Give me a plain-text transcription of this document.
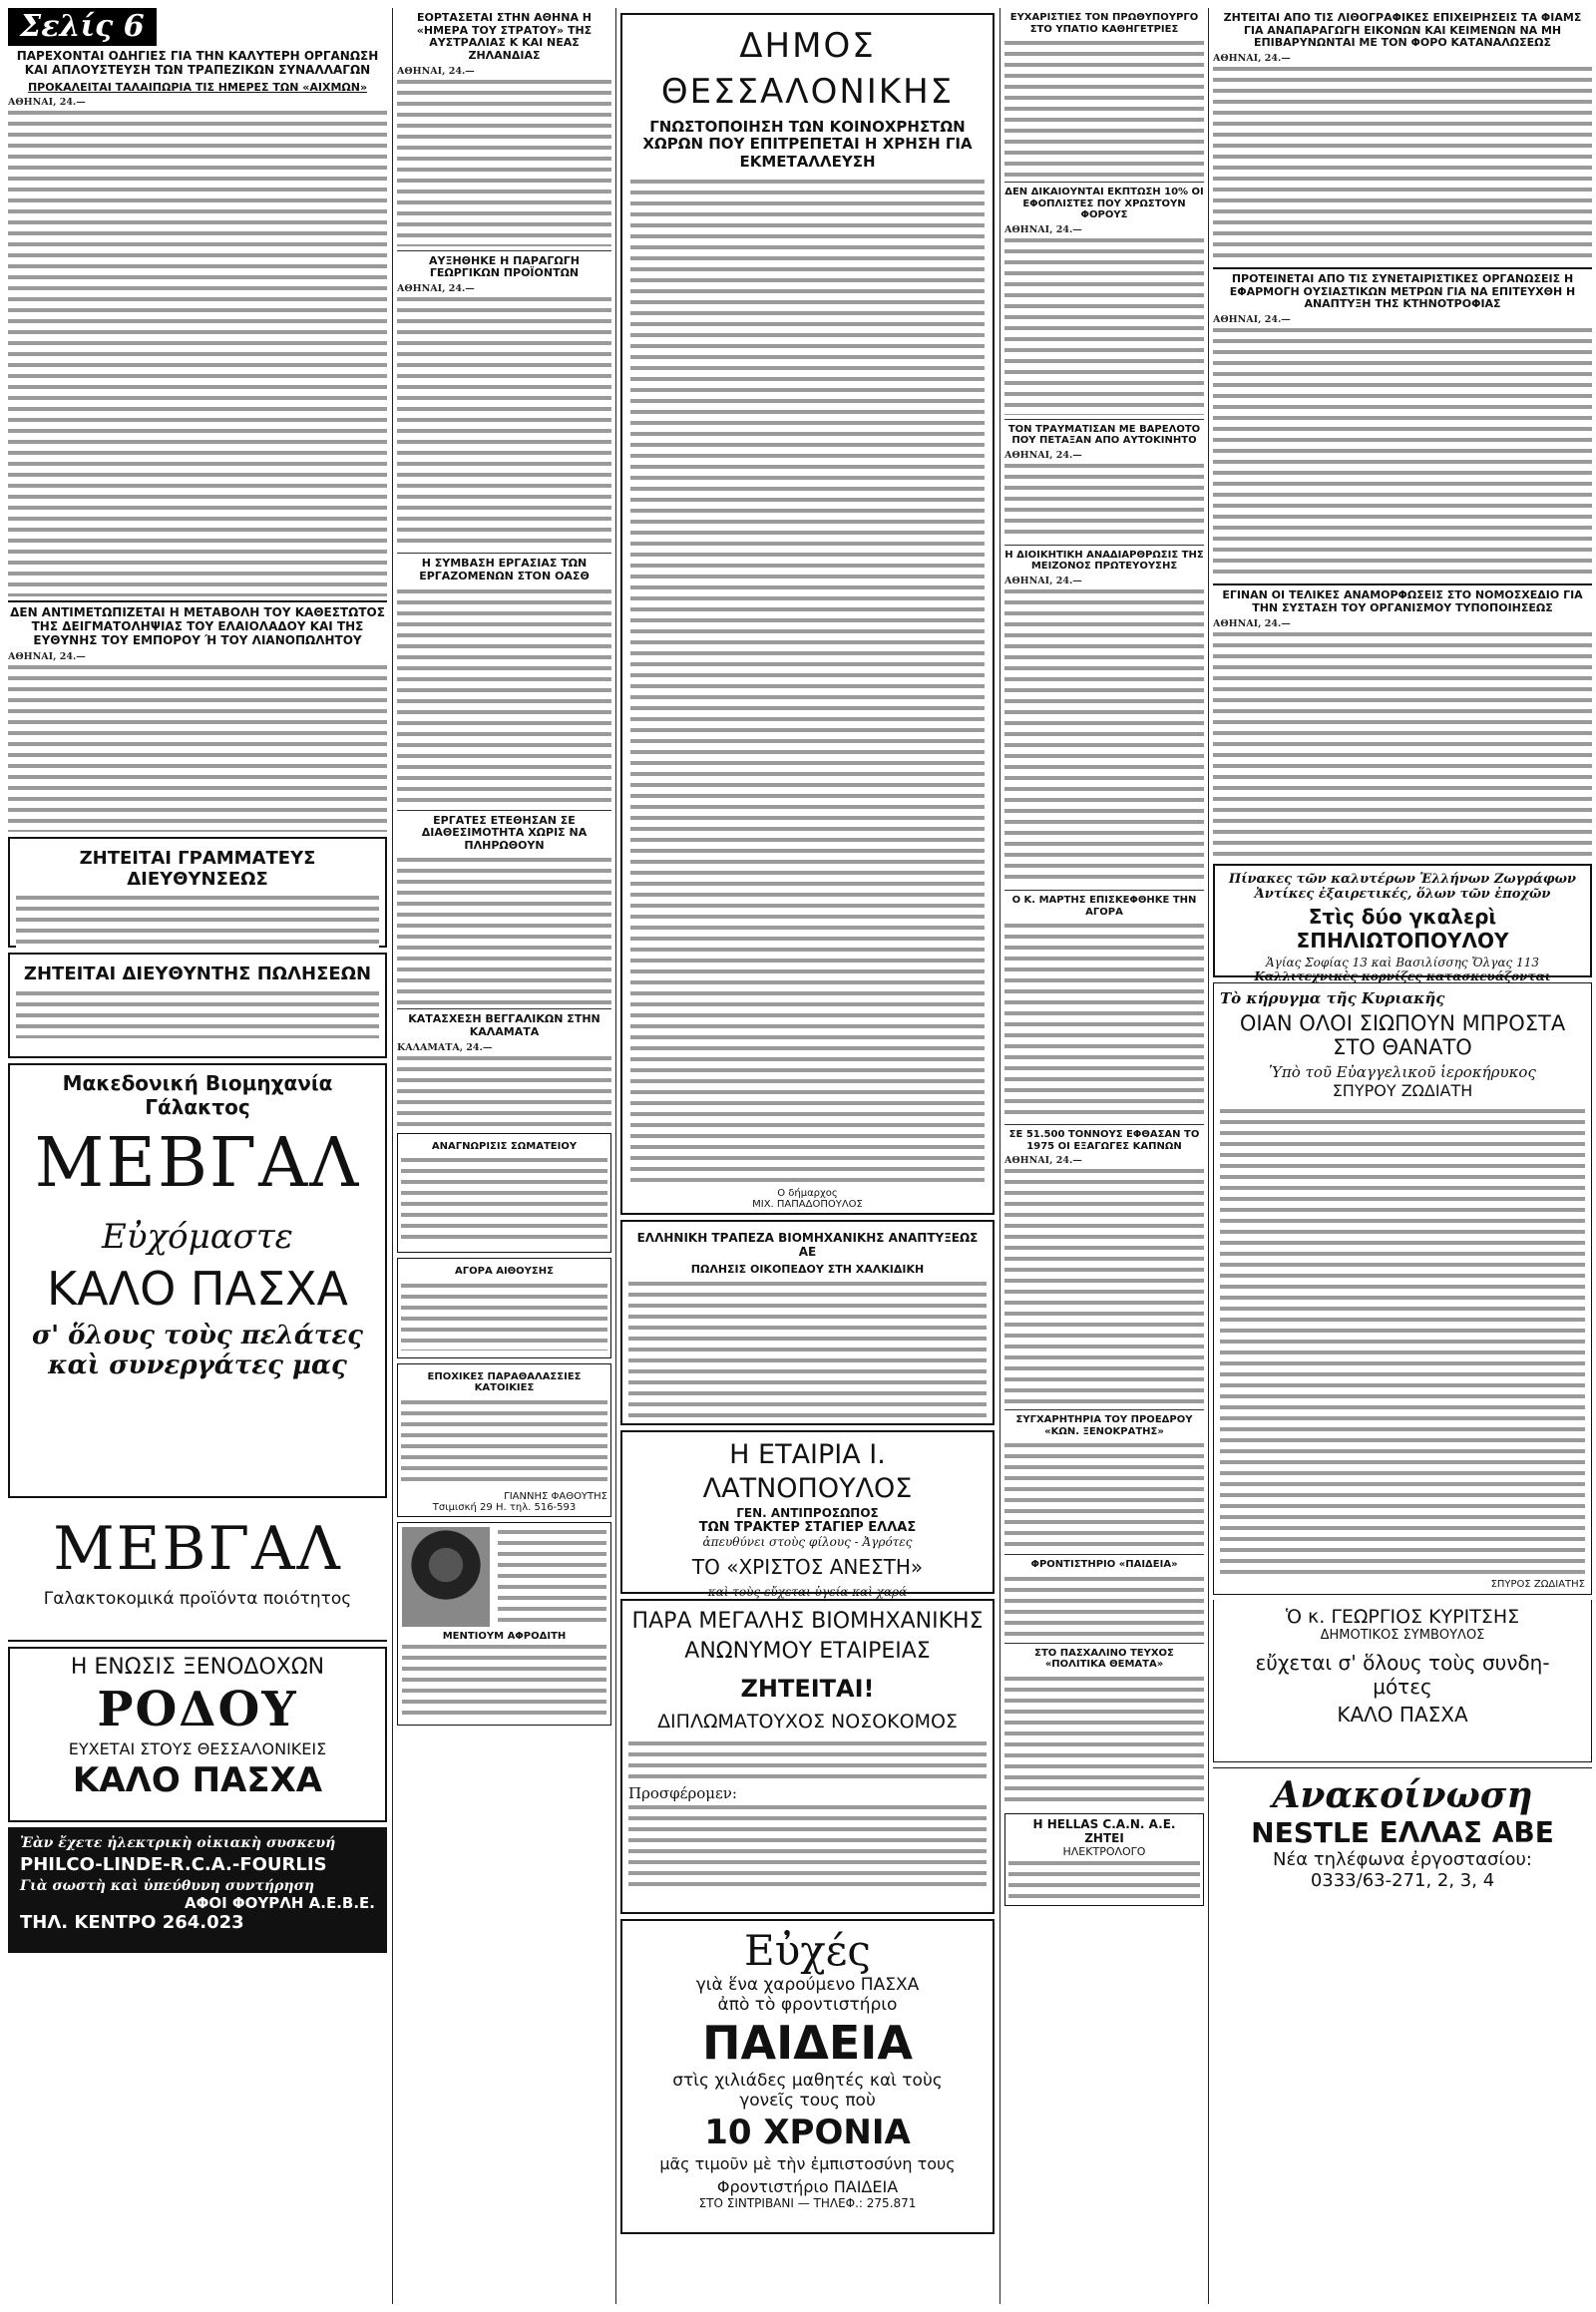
Σελίς 6
ΠΑΡΕΧΟΝΤΑΙ ΟΔΗΓΙΕΣ ΓΙΑ ΤΗΝ ΚΑΛΥΤΕΡΗ ΟΡΓΑΝΩΣΗ ΚΑΙ ΑΠΛΟΥΣΤΕΥΣΗ ΤΩΝ ΤΡΑΠΕΖΙΚΩΝ ΣΥΝΑΛΛΑΓΩΝ
ΠΡΟΚΑΛΕΙΤΑΙ ΤΑΛΑΙΠΩΡΙΑ ΤΙΣ ΗΜΕΡΕΣ ΤΩΝ «ΑΙΧΜΩΝ»
ΑΘΗΝΑΙ, 24.—
ΔΕΝ ΑΝΤΙΜΕΤΩΠΙΖΕΤΑΙ Η ΜΕΤΑΒΟΛΗ ΤΟΥ ΚΑΘΕΣΤΩΤΟΣ ΤΗΣ ΔΕΙΓΜΑΤΟΛΗΨΙΑΣ ΤΟΥ ΕΛΑΙΟΛΑΔΟΥ ΚΑΙ ΤΗΣ ΕΥΘΥΝΗΣ ΤΟΥ ΕΜΠΟΡΟΥ Ή ΤΟΥ ΛΙΑΝΟΠΩΛΗΤΟΥ
ΑΘΗΝΑΙ, 24.—
ΖΗΤΕΙΤΑΙ ΓΡΑΜΜΑΤΕΥΣ ΔΙΕΥΘΥΝΣΕΩΣ
ΖΗΤΕΙΤΑΙ ΔΙΕΥΘΥΝΤΗΣ ΠΩΛΗΣΕΩΝ
Μακεδονική Βιομηχανία Γάλακτος
ΜΕΒΓΑΛ
Εὐχόμαστε
ΚΑΛΟ ΠΑΣΧΑ
σ' ὅλους τοὺς πελάτες
καὶ συνεργάτες μας
ΜΕΒΓΑΛ
Γαλακτοκομικά προϊόντα ποιότητος
Η ΕΝΩΣΙΣ ΞΕΝΟΔΟΧΩΝ
ΡΟΔΟΥ
ΕΥΧΕΤΑΙ ΣΤΟΥΣ ΘΕΣΣΑΛΟΝΙΚΕΙΣ
ΚΑΛΟ ΠΑΣΧΑ
Ἐὰν ἔχετε ἠλεκτρικὴ οἰκιακὴ συσκευή
PHILCO-LINDE-R.C.A.-FOURLIS
Γιὰ σωστὴ καὶ ὑπεύθυνη συντήρηση
ΑΦΟΙ ΦΟΥΡΛΗ Α.Ε.Β.Ε.
ΤΗΛ. ΚΕΝΤΡΟ 264.023
ΕΟΡΤΑΣΕΤΑΙ ΣΤΗΝ ΑΘΗΝΑ Η «ΗΜΕΡΑ ΤΟΥ ΣΤΡΑΤΟΥ» ΤΗΣ ΑΥΣΤΡΑΛΙΑΣ Κ ΚΑΙ ΝΕΑΣ ΖΗΛΑΝΔΙΑΣ
ΑΘΗΝΑΙ, 24.—
ΑΥΞΗΘΗΚΕ Η ΠΑΡΑΓΩΓΗ ΓΕΩΡΓΙΚΩΝ ΠΡΟΪΟΝΤΩΝ
ΑΘΗΝΑΙ, 24.—
Η ΣΥΜΒΑΣΗ ΕΡΓΑΣΙΑΣ ΤΩΝ ΕΡΓΑΖΟΜΕΝΩΝ ΣΤΟΝ ΟΑΣΘ
ΕΡΓΑΤΕΣ ΕΤΕΘΗΣΑΝ ΣΕ ΔΙΑΘΕΣΙΜΟΤΗΤΑ ΧΩΡΙΣ ΝΑ ΠΛΗΡΩΘΟΥΝ
ΚΑΤΑΣΧΕΣΗ ΒΕΓΓΑΛΙΚΩΝ ΣΤΗΝ ΚΑΛΑΜΑΤΑ
ΚΑΛΑΜΑΤΑ, 24.—
ΑΝΑΓΝΩΡΙΣΙΣ ΣΩΜΑΤΕΙΟΥ
ΑΓΟΡΑ ΑΙΘΟΥΣΗΣ
ΕΠΟΧΙΚΕΣ ΠΑΡΑΘΑΛΑΣΣΙΕΣ ΚΑΤΟΙΚΙΕΣ
ΓΙΑΝΝΗΣ ΦΑΘΟΥΤΗΣ
Τσιμισκή 29 Η. τηλ. 516-593
ΜΕΝΤΙΟΥΜ ΑΦΡΟΔΙΤΗ
ΔΗΜΟΣ ΘΕΣΣΑΛΟΝΙΚΗΣ
ΓΝΩΣΤΟΠΟΙΗΣΗ ΤΩΝ ΚΟΙΝΟΧΡΗΣΤΩΝ ΧΩΡΩΝ ΠΟΥ ΕΠΙΤΡΕΠΕΤΑΙ Η ΧΡΗΣΗ ΓΙΑ ΕΚΜΕΤΑΛΛΕΥΣΗ
Ο δήμαρχος
ΜΙΧ. ΠΑΠΑΔΟΠΟΥΛΟΣ
ΕΛΛΗΝΙΚΗ ΤΡΑΠΕΖΑ ΒΙΟΜΗΧΑΝΙΚΗΣ ΑΝΑΠΤΥΞΕΩΣ ΑΕ
ΠΩΛΗΣΙΣ ΟΙΚΟΠΕΔΟΥ ΣΤΗ ΧΑΛΚΙΔΙΚΗ
Η ΕΤΑΙΡΙΑ Ι. ΛΑΤΝΟΠΟΥΛΟΣ
ΓΕΝ. ΑΝΤΙΠΡΟΣΩΠΟΣ
ΤΩΝ ΤΡΑΚΤΕΡ ΣΤΑΓΙΕΡ ΕΛΛΑΣ
ἀπευθύνει στοὺς φίλους - Ἀγρότες
ΤΟ «ΧΡΙΣΤΟΣ ΑΝΕΣΤΗ»
καὶ τοὺς εὔχεται ὑγεία καὶ χαρά
ΠΑΡΑ ΜΕΓΑΛΗΣ ΒΙΟΜΗΧΑΝΙΚΗΣ ΑΝΩΝΥΜΟΥ ΕΤΑΙΡΕΙΑΣ
ΖΗΤΕΙΤΑΙ!
ΔΙΠΛΩΜΑΤΟΥΧΟΣ ΝΟΣΟΚΟΜΟΣ
Προσφέρομεν:
Εὐχές
γιὰ ἕνα χαρούμενο ΠΑΣΧΑ
ἀπὸ τὸ φροντιστήριο
ΠΑΙΔΕΙΑ
στὶς χιλιάδες μαθητές καὶ τοὺς
γονεῖς τους ποὺ
10 ΧΡΟΝΙΑ
μᾶς τιμοῦν μὲ τὴν ἐμπιστοσύνη τους
Φροντιστήριο ΠΑΙΔΕΙΑ
ΣΤΟ ΣΙΝΤΡΙΒΑΝΙ — ΤΗΛΕΦ.: 275.871
ΕΥΧΑΡΙΣΤΙΕΣ ΤΟΝ ΠΡΩΘΥΠΟΥΡΓΟ ΣΤΟ ΥΠΑΤΙΟ ΚΑΘΗΓΕΤΡΙΕΣ
ΔΕΝ ΔΙΚΑΙΟΥΝΤΑΙ ΕΚΠΤΩΣΗ 10% ΟΙ ΕΦΟΠΛΙΣΤΕΣ ΠΟΥ ΧΡΩΣΤΟΥΝ ΦΟΡΟΥΣ
ΑΘΗΝΑΙ, 24.—
ΤΟΝ ΤΡΑΥΜΑΤΙΣΑΝ ΜΕ ΒΑΡΕΛΟΤΟ ΠΟΥ ΠΕΤΑΞΑΝ ΑΠΟ ΑΥΤΟΚΙΝΗΤΟ
ΑΘΗΝΑΙ, 24.—
Η ΔΙΟΙΚΗΤΙΚΗ ΑΝΑΔΙΑΡΘΡΩΣΙΣ ΤΗΣ ΜΕΙΖΟΝΟΣ ΠΡΩΤΕΥΟΥΣΗΣ
ΑΘΗΝΑΙ, 24.—
Ο Κ. ΜΑΡΤΗΣ ΕΠΙΣΚΕΦΘΗΚΕ ΤΗΝ ΑΓΟΡΑ
ΣΕ 51.500 ΤΟΝΝΟΥΣ ΕΦΘΑΣΑΝ ΤΟ 1975 ΟΙ ΕΞΑΓΩΓΕΣ ΚΑΠΝΩΝ
ΑΘΗΝΑΙ, 24.—
ΣΥΓΧΑΡΗΤΗΡΙΑ ΤΟΥ ΠΡΟΕΔΡΟΥ «ΚΩΝ. ΞΕΝΟΚΡΑΤΗΣ»
ΦΡΟΝΤΙΣΤΗΡΙΟ «ΠΑΙΔΕΙΑ»
ΣΤΟ ΠΑΣΧΑΛΙΝΟ ΤΕΥΧΟΣ «ΠΟΛΙΤΙΚΑ ΘΕΜΑΤΑ»
Η HELLAS C.A.N. A.E.
ΖΗΤΕΙ
ΗΛΕΚΤΡΟΛΟΓΟ
ΖΗΤΕΙΤΑΙ ΑΠΟ ΤΙΣ ΛΙΘΟΓΡΑΦΙΚΕΣ ΕΠΙΧΕΙΡΗΣΕΙΣ ΤΑ ΦΙΑΜΣ ΓΙΑ ΑΝΑΠΑΡΑΓΩΓΗ ΕΙΚΟΝΩΝ ΚΑΙ ΚΕΙΜΕΝΩΝ ΝΑ ΜΗ ΕΠΙΒΑΡΥΝΩΝΤΑΙ ΜΕ ΤΟΝ ΦΟΡΟ ΚΑΤΑΝΑΛΩΣΕΩΣ
ΑΘΗΝΑΙ, 24.—
ΠΡΟΤΕΙΝΕΤΑΙ ΑΠΟ ΤΙΣ ΣΥΝΕΤΑΙΡΙΣΤΙΚΕΣ ΟΡΓΑΝΩΣΕΙΣ Η ΕΦΑΡΜΟΓΗ ΟΥΣΙΑΣΤΙΚΩΝ ΜΕΤΡΩΝ ΓΙΑ ΝΑ ΕΠΙΤΕΥΧΘΗ Η ΑΝΑΠΤΥΞΗ ΤΗΣ ΚΤΗΝΟΤΡΟΦΙΑΣ
ΑΘΗΝΑΙ, 24.—
ΕΓΙΝΑΝ ΟΙ ΤΕΛΙΚΕΣ ΑΝΑΜΟΡΦΩΣΕΙΣ ΣΤΟ ΝΟΜΟΣΧΕΔΙΟ ΓΙΑ ΤΗΝ ΣΥΣΤΑΣΗ ΤΟΥ ΟΡΓΑΝΙΣΜΟΥ ΤΥΠΟΠΟΙΗΣΕΩΣ
ΑΘΗΝΑΙ, 24.—
Πίνακες τῶν καλυτέρων Ἑλλήνων Ζωγράφων
Ἀντίκες ἐξαιρετικές, ὅλων τῶν ἐποχῶν
Στὶς δύο γκαλερὶ ΣΠΗΛΙΩΤΟΠΟΥΛΟΥ
Ἁγίας Σοφίας 13 καὶ Βασιλίσσης Ὄλγας 113
Καλλιτεχνικὲς κορνίζες κατασκευάζονται
Τὸ κήρυγμα τῆς Κυριακῆς
ΟΙΑΝ ΟΛΟΙ ΣΙΩΠΟΥΝ ΜΠΡΟΣΤΑ ΣΤΟ ΘΑΝΑΤΟ
Ὑπὸ τοῦ Εὐαγγελικοῦ ἱεροκήρυκος
ΣΠΥΡΟΥ ΖΩΔΙΑΤΗ
ΣΠΥΡΟΣ ΖΩΔΙΑΤΗΣ
Ὁ κ. ΓΕΩΡΓΙΟΣ ΚΥΡΙΤΣΗΣ
ΔΗΜΟΤΙΚΟΣ ΣΥΜΒΟΥΛΟΣ
εὔχεται σ' ὅλους τοὺς συνδη-
μότες
ΚΑΛΟ ΠΑΣΧΑ
Ανακοίνωση
NESTLE ΕΛΛΑΣ ΑΒΕ
Νέα τηλέφωνα ἐργοστασίου:
0333/63-271, 2, 3, 4
